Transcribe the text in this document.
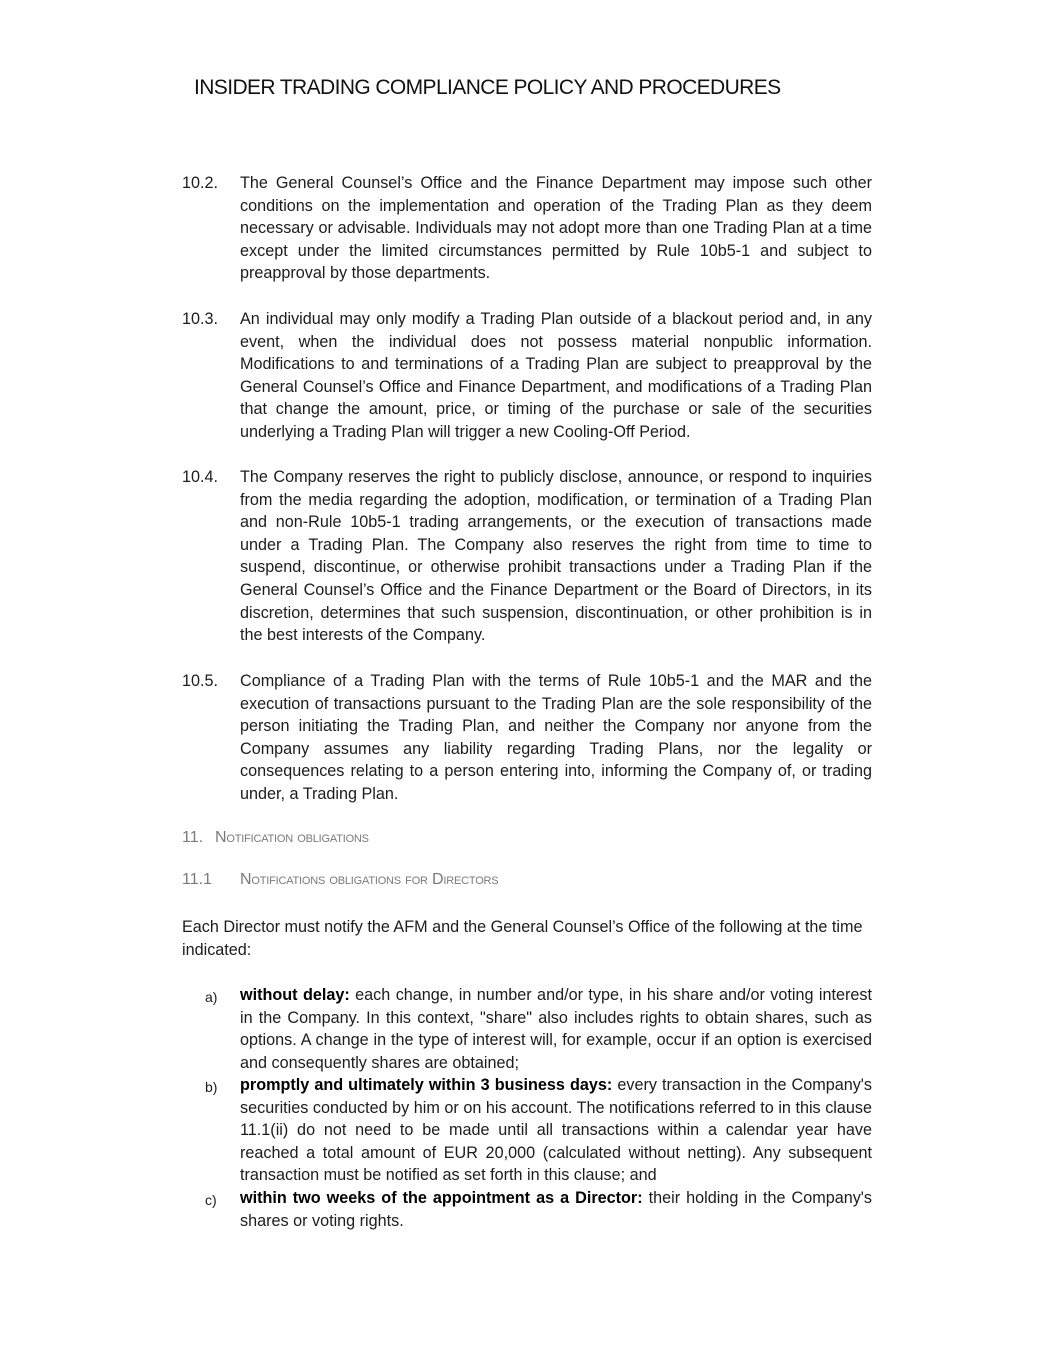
INSIDER TRADING COMPLIANCE POLICY AND PROCEDURES
10.2.	The General Counsel’s Office and the Finance Department may impose such other conditions on the implementation and operation of the Trading Plan as they deem necessary or advisable. Individuals may not adopt more than one Trading Plan at a time except under the limited circumstances permitted by Rule 10b5-1 and subject to preapproval by those departments.
10.3.	An individual may only modify a Trading Plan outside of a blackout period and, in any event, when the individual does not possess material nonpublic information. Modifications to and terminations of a Trading Plan are subject to preapproval by the General Counsel’s Office and Finance Department, and modifications of a Trading Plan that change the amount, price, or timing of the purchase or sale of the securities underlying a Trading Plan will trigger a new Cooling-Off Period.
10.4.	The Company reserves the right to publicly disclose, announce, or respond to inquiries from the media regarding the adoption, modification, or termination of a Trading Plan and non-Rule 10b5-1 trading arrangements, or the execution of transactions made under a Trading Plan. The Company also reserves the right from time to time to suspend, discontinue, or otherwise prohibit transactions under a Trading Plan if the General Counsel’s Office and the Finance Department or the Board of Directors, in its discretion, determines that such suspension, discontinuation, or other prohibition is in the best interests of the Company.
10.5.	Compliance of a Trading Plan with the terms of Rule 10b5-1 and the MAR and the execution of transactions pursuant to the Trading Plan are the sole responsibility of the person initiating the Trading Plan, and neither the Company nor anyone from the Company assumes any liability regarding Trading Plans, nor the legality or consequences relating to a person entering into, informing the Company of, or trading under, a Trading Plan.
11. Notification obligations
11.1 Notifications obligations for Directors
Each Director must notify the AFM and the General Counsel’s Office of the following at the time indicated:
a) without delay: each change, in number and/or type, in his share and/or voting interest in the Company. In this context, "share" also includes rights to obtain shares, such as options. A change in the type of interest will, for example, occur if an option is exercised and consequently shares are obtained;
b) promptly and ultimately within 3 business days: every transaction in the Company's securities conducted by him or on his account. The notifications referred to in this clause 11.1(ii) do not need to be made until all transactions within a calendar year have reached a total amount of EUR 20,000 (calculated without netting). Any subsequent transaction must be notified as set forth in this clause; and
c) within two weeks of the appointment as a Director: their holding in the Company's shares or voting rights.
